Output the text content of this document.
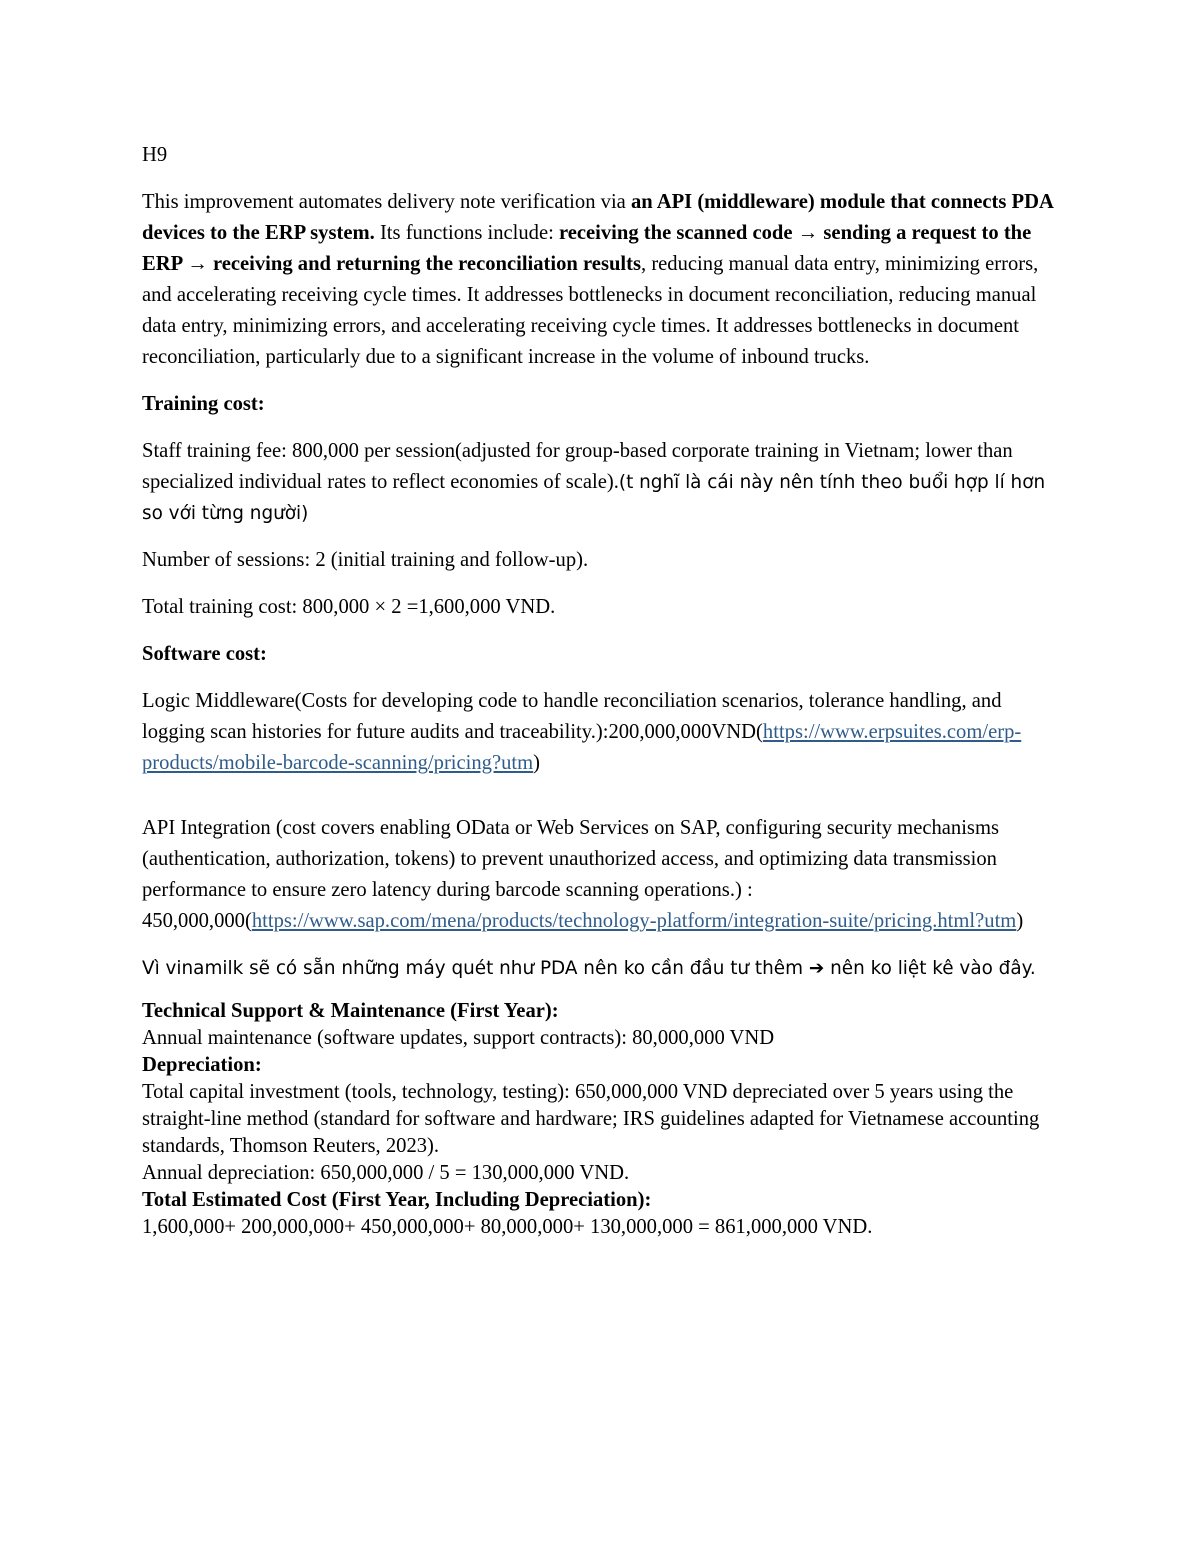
H9

This improvement automates delivery note verification via an API (middleware) module that connects PDA devices to the ERP system. Its functions include: receiving the scanned code → sending a request to the ERP → receiving and returning the reconciliation results, reducing manual data entry, minimizing errors, and accelerating receiving cycle times. It addresses bottlenecks in document reconciliation, reducing manual data entry, minimizing errors, and accelerating receiving cycle times. It addresses bottlenecks in document reconciliation, particularly due to a significant increase in the volume of inbound trucks.

Training cost:

Staff training fee: 800,000 per session(adjusted for group-based corporate training in Vietnam; lower than specialized individual rates to reflect economies of scale).(t nghĩ là cái này nên tính theo buổi hợp lí hơn so với từng người)

Number of sessions: 2 (initial training and follow-up).

Total training cost: 800,000 × 2 =1,600,000 VND.

Software cost:

Logic Middleware(Costs for developing code to handle reconciliation scenarios, tolerance handling, and logging scan histories for future audits and traceability.):200,000,000VND(https://www.erpsuites.com/erp-products/mobile-barcode-scanning/pricing?utm)

API Integration (cost covers enabling OData or Web Services on SAP, configuring security mechanisms (authentication, authorization, tokens) to prevent unauthorized access, and optimizing data transmission performance to ensure zero latency during barcode scanning operations.) : 450,000,000(https://www.sap.com/mena/products/technology-platform/integration-suite/pricing.html?utm)

Vì vinamilk sẽ có sẵn những máy quét như PDA nên ko cần đầu tư thêm ➔ nên ko liệt kê vào đây.

Technical Support & Maintenance (First Year):

Annual maintenance (software updates, support contracts): 80,000,000 VND

Depreciation:

Total capital investment (tools, technology, testing): 650,000,000 VND depreciated over 5 years using the straight-line method (standard for software and hardware; IRS guidelines adapted for Vietnamese accounting standards, Thomson Reuters, 2023).

Annual depreciation: 650,000,000 / 5 = 130,000,000 VND.

Total Estimated Cost (First Year, Including Depreciation):

1,600,000+ 200,000,000+ 450,000,000+ 80,000,000+ 130,000,000 = 861,000,000 VND.
